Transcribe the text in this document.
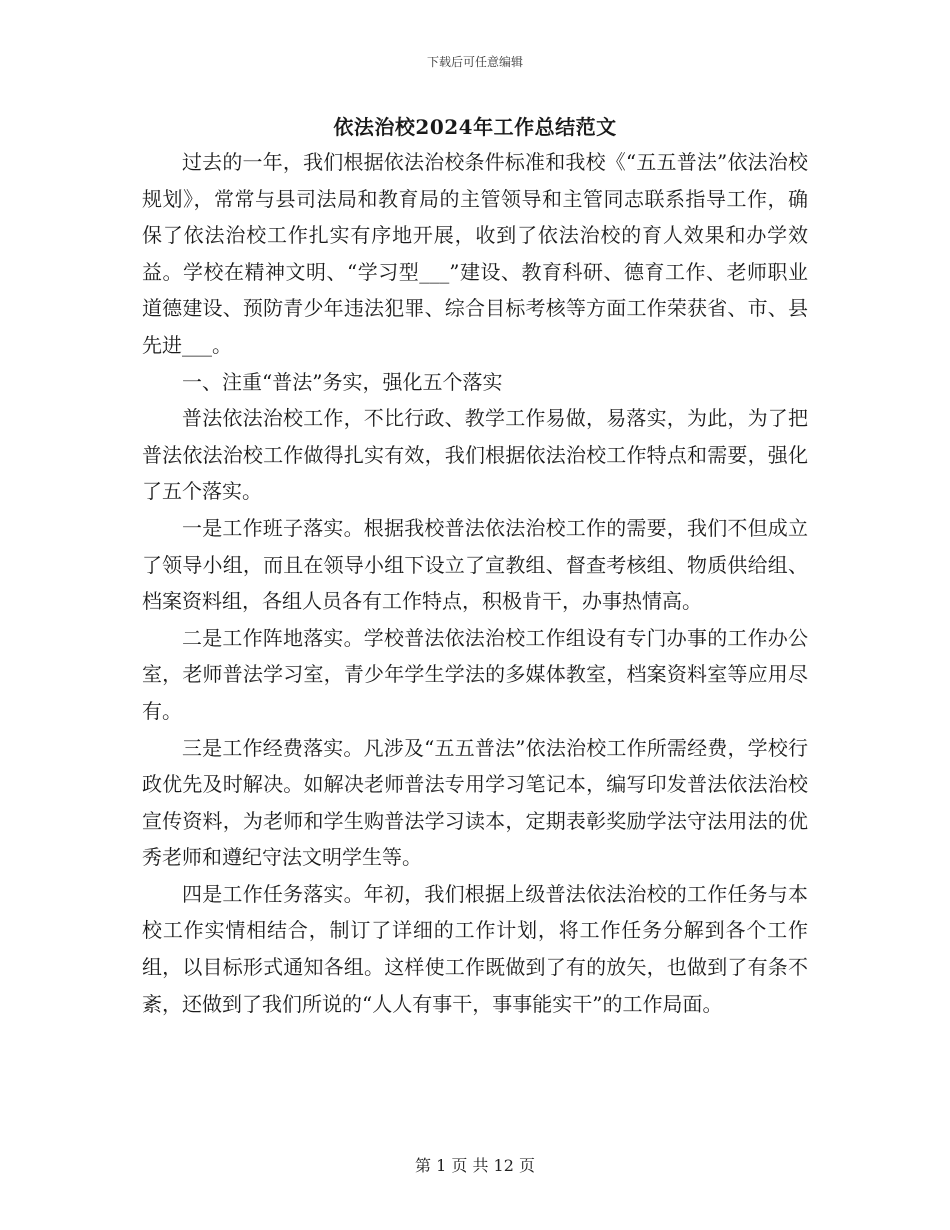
下载后可任意编辑
依法治校2024年工作总结范文

过去的一年，我们根据依法治校条件标准和我校《“五五普法”依法治校规划》，常常与县司法局和教育局的主管领导和主管同志联系指导工作，确保了依法治校工作扎实有序地开展，收到了依法治校的育人效果和办学效益。学校在精神文明、“学习型___”建设、教育科研、德育工作、老师职业道德建设、预防青少年违法犯罪、综合目标考核等方面工作荣获省、市、县先进___。

一、注重“普法”务实，强化五个落实

普法依法治校工作，不比行政、教学工作易做，易落实，为此，为了把普法依法治校工作做得扎实有效，我们根据依法治校工作特点和需要，强化了五个落实。

一是工作班子落实。根据我校普法依法治校工作的需要，我们不但成立了领导小组，而且在领导小组下设立了宣教组、督查考核组、物质供给组、档案资料组，各组人员各有工作特点，积极肯干，办事热情高。

二是工作阵地落实。学校普法依法治校工作组设有专门办事的工作办公室，老师普法学习室，青少年学生学法的多媒体教室，档案资料室等应用尽有。

三是工作经费落实。凡涉及“五五普法”依法治校工作所需经费，学校行政优先及时解决。如解决老师普法专用学习笔记本，编写印发普法依法治校宣传资料，为老师和学生购普法学习读本，定期表彰奖励学法守法用法的优秀老师和遵纪守法文明学生等。

四是工作任务落实。年初，我们根据上级普法依法治校的工作任务与本校工作实情相结合，制订了详细的工作计划，将工作任务分解到各个工作组，以目标形式通知各组。这样使工作既做到了有的放矢，也做到了有条不紊，还做到了我们所说的“人人有事干，事事能实干”的工作局面。

第 1 页 共 12 页
